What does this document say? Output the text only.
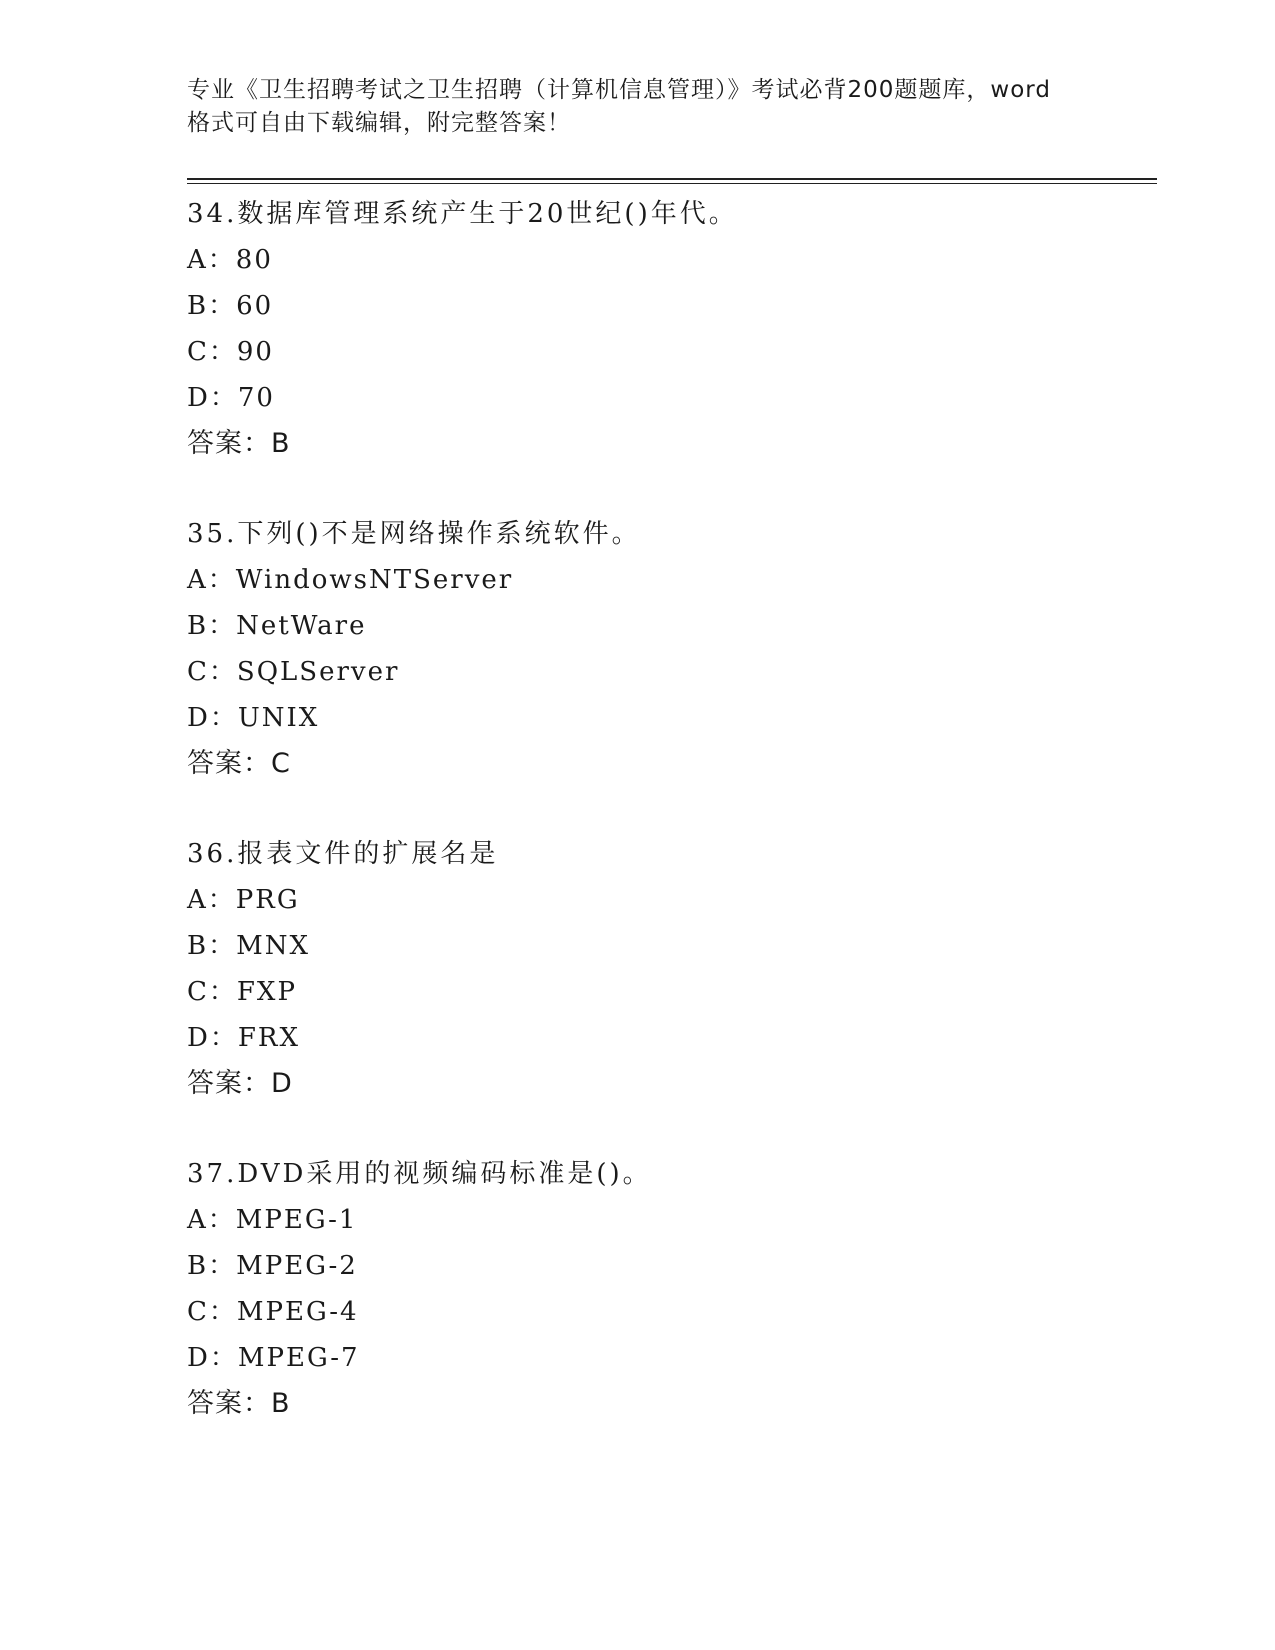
专业《卫生招聘考试之卫生招聘（计算机信息管理）》考试必背200题题库，word
格式可自由下载编辑，附完整答案！
34.数据库管理系统产生于20世纪()年代。
A：80
B：60
C：90
D：70
答案：B
35.下列()不是网络操作系统软件。
A：WindowsNTServer
B：NetWare
C：SQLServer
D：UNIX
答案：C
36.报表文件的扩展名是
A：PRG
B：MNX
C：FXP
D：FRX
答案：D
37.DVD采用的视频编码标准是()。
A：MPEG-1
B：MPEG-2
C：MPEG-4
D：MPEG-7
答案：B
